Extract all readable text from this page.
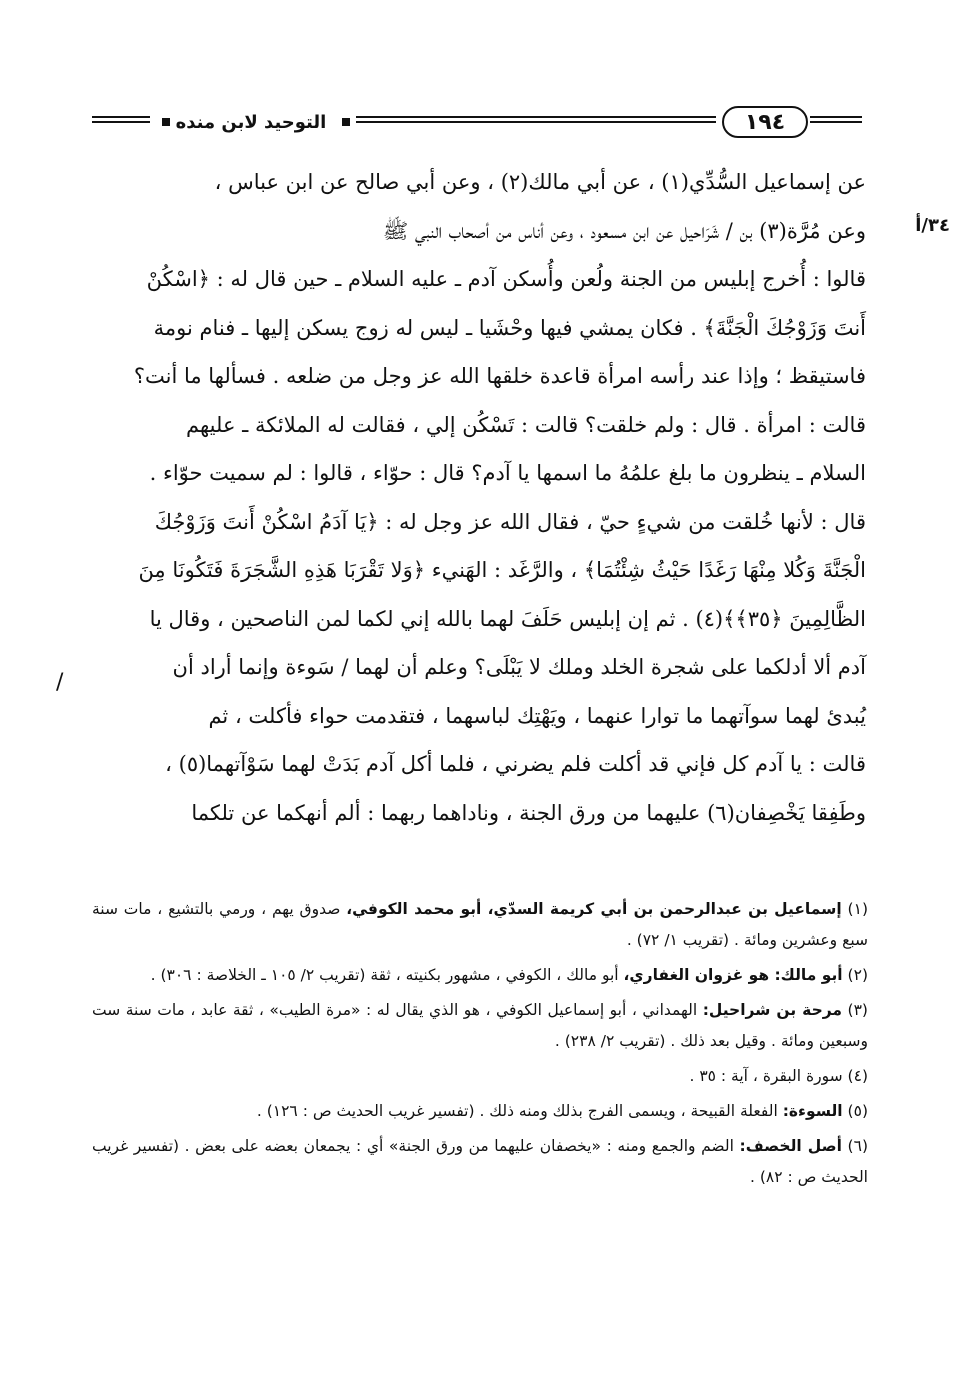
التوحيد لابن منده	١٩٤
٣٤/أ
/

عن إسماعيل السُّدِّي(١) ، عن أبي مالك(٢) ، وعن أبي صالح عن ابن عباس ،

وعن مُرَّة(٣) بن / شَرَاحيل عن ابن مسعود ، وعن أناس من أصحاب النبي ﷺ

قالوا : أُخرج إبليس من الجنة ولُعن وأُسكن آدم ـ عليه السلام ـ حين قال له : ﴿اسْكُنْ

أَنتَ وَزَوْجُكَ الْجَنَّةَ﴾ . فكان يمشي فيها وحْشَيا ـ ليس له زوج يسكن إليها ـ فنام نومة

فاستيقظ ؛ وإذا عند رأسه امرأة قاعدة خلقها الله عز وجل من ضلعه . فسألها ما أنت؟

قالت : امرأة . قال : ولم خلقت؟ قالت : تَسْكُن إلي ، فقالت له الملائكة ـ عليهم

السلام ـ ينظرون ما بلغ علمُهُ ما اسمها يا آدم؟ قال : حوّاء ، قالوا : لم سميت حوّاء .

قال : لأنها خُلقت من شيءٍ حيّ ، فقال الله عز وجل له : ﴿يَا آدَمُ اسْكُنْ أَنتَ وَزَوْجُكَ

الْجَنَّةَ وَكُلا مِنْهَا رَغَدًا حَيْثُ شِئْتُمَا﴾ ، والرَّغَد : الهَنيء ﴿وَلا تَقْرَبَا هَذِهِ الشَّجَرَةَ فَتَكُونَا مِنَ

الظَّالِمِينَ ﴿٣٥﴾﴾(٤) . ثم إن إبليس حَلَفَ لهما بالله إني لكما لمن الناصحين ، وقال يا

آدم ألا أدلكما على شجرة الخلد وملك لا يَبْلَى؟ وعلم أن لهما / سَوءة وإنما أراد أن

يُبدئ لهما سوآتهما ما توارا عنهما ، ويَهْتِك لباسهما ، فتقدمت حواء فأكلت ، ثم

قالت : يا آدم كل فإني قد أكلت فلم يضرني ، فلما أكل آدم بَدَتْ لهما سَوْآتهما(٥) ،

وطَفِقا يَخْصِفان(٦) عليهما من ورق الجنة ، وناداهما ربهما : ألم أنهكما عن تلكما

(١) إسماعيل بن عبدالرحمن بن أبي كريمة السدّي، أبو محمد الكوفي، صدوق يهم ، ورمي بالتشيع ، مات سنة سبع وعشرين ومائة . (تقريب ١/ ٧٢) .

(٢) أبو مالك: هو غزوان الغفاري، أبو مالك ، الكوفي ، مشهور بكنيته ، ثقة (تقريب ٢/ ١٠٥ ـ الخلاصة : ٣٠٦) .

(٣) مرحة بن شراحيل: الهمداني ، أبو إسماعيل الكوفي ، هو الذي يقال له : «مرة الطيب» ، ثقة عابد ، مات سنة ست وسبعين ومائة . وقيل بعد ذلك . (تقريب ٢/ ٢٣٨) .

(٤) سورة البقرة ، آية : ٣٥ .

(٥) السوءة: الفعلة القبيحة ، ويسمى الفرج بذلك ومنه ذلك . (تفسير غريب الحديث ص : ١٢٦) .

(٦) أصل الخصف: الضم والجمع ومنه : «يخصفان عليهما من ورق الجنة» أي : يجمعان بعضه على بعض . (تفسير غريب الحديث ص : ٨٢) .
